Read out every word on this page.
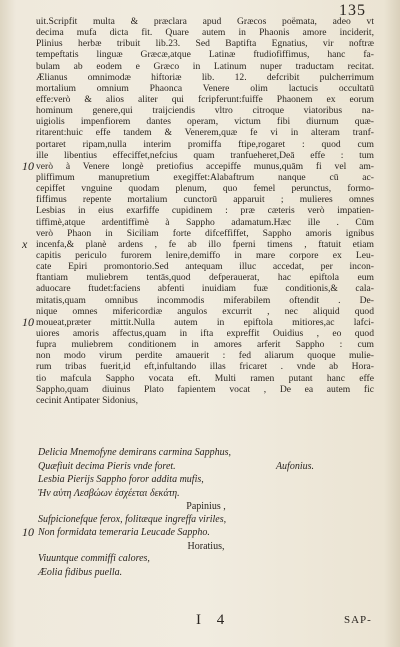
135
uit.Scripfit multa & præclara apud Græcos poëmata, adeo vt
decima mufa dicta fit. Quare autem in Phaonis amore inciderit,
Plinius herbæ tribuit lib.23. Sed Baptifta Egnatius, vir noftræ
tempeftatis linguæ Græcæ,atque Latinæ ftudiofiffimus, hanc fa-
bulam ab eodem e Græco in Latinum nuper traductam recitat.
Ælianus omnimodæ hiftoriæ lib. 12. defcribit pulcherrimum
mortalium omnium Phaonca Venere olim lactucis occultatū
effe:verò & alios aliter qui fcripferunt:fuiffe Phaonem ex eorum
hominum genere,qui traijciendis vltro citroque viatoribus na-
uigiolis impenfiorem dantes operam, victum fibi diurnum quæ-
ritarent:huic effe tandem & Venerem,quæ fe vi in alteram tranf-
portaret ripam,nulla interim promiffa ftipe,rogaret : quod cum
ille libentius effeciffet,nefcius quam tranfueheret,Deā effe : tum
10 verò à Venere longè pretiofius accepiffe munus,quām fi vel am-
pliffimum manupretium exegiffet:Alabaftrum nanque cū ac-
cepiffet vnguine quodam plenum, quo femel perunctus, formo-
fiffimus repente mortalium cunctorū apparuit ; mulieres omnes
Lesbias in eius exarfiffe cupidinem : præ cæteris verò impatien-
tiffimè,atque ardentiffimè à Sappho adamatum.Hæc ille . Cūm
verò Phaon in Siciliam forte difceffiffet, Sappho amoris ignibus
x incenfa,& planè ardens , fe ab illo fperni timens , ftatuit etiam
capitis periculo furorem lenire,demiffo in mare corpore ex Leu-
cate Epiri promontorio.Sed antequam illuc accedat, per incon-
ftantiam muliebrem tentās,quod defperauerat, hac epiftola eum
aduocare ftudet:faciens abfenti inuidiam fuæ conditionis,& cala-
mitatis,quam omnibus incommodis miferabilem oftendit . De-
nique omnes mifericordiæ angulos excurrit , nec aliquid quod
10 moueat,præter mittit.Nulla autem in epiftola mitiores,ac lafci-
uiores amoris affectus,quam in ifta expreffit Ouidius , eo quod
fupra muliebrem conditionem in amores arferit Sappho : cum
non modo virum perdite amauerit : fed aliarum quoque mulie-
rum tribas fuerit,id eft,infultando illas fricaret . vnde ab Hora-
tio mafcula Sappho vocata eft. Multi ramen putant hanc effe
Sappho,quam diuinus Plato fapientem vocat , De ea autem fic
cecinit Antipater Sidonius,
Delicia Mnemofyne demirans carmina Sapphus,
Quæfiuit decima Pieris vnde foret.	Aufonius.
Lesbia Pierijs Sappho foror addita mufis,
Ἡν αὑτη Λεσβώων ἐσχέεται δεκάτη.
Papinius ,
Sufpicionefque ferox, folitæque ingreffa viriles,
10 Non formidata temeraria Leucade Sappho.
Horatius,
Viuuntque commiffi calores,
Æolia fidibus puella.
I 4	SAP-
